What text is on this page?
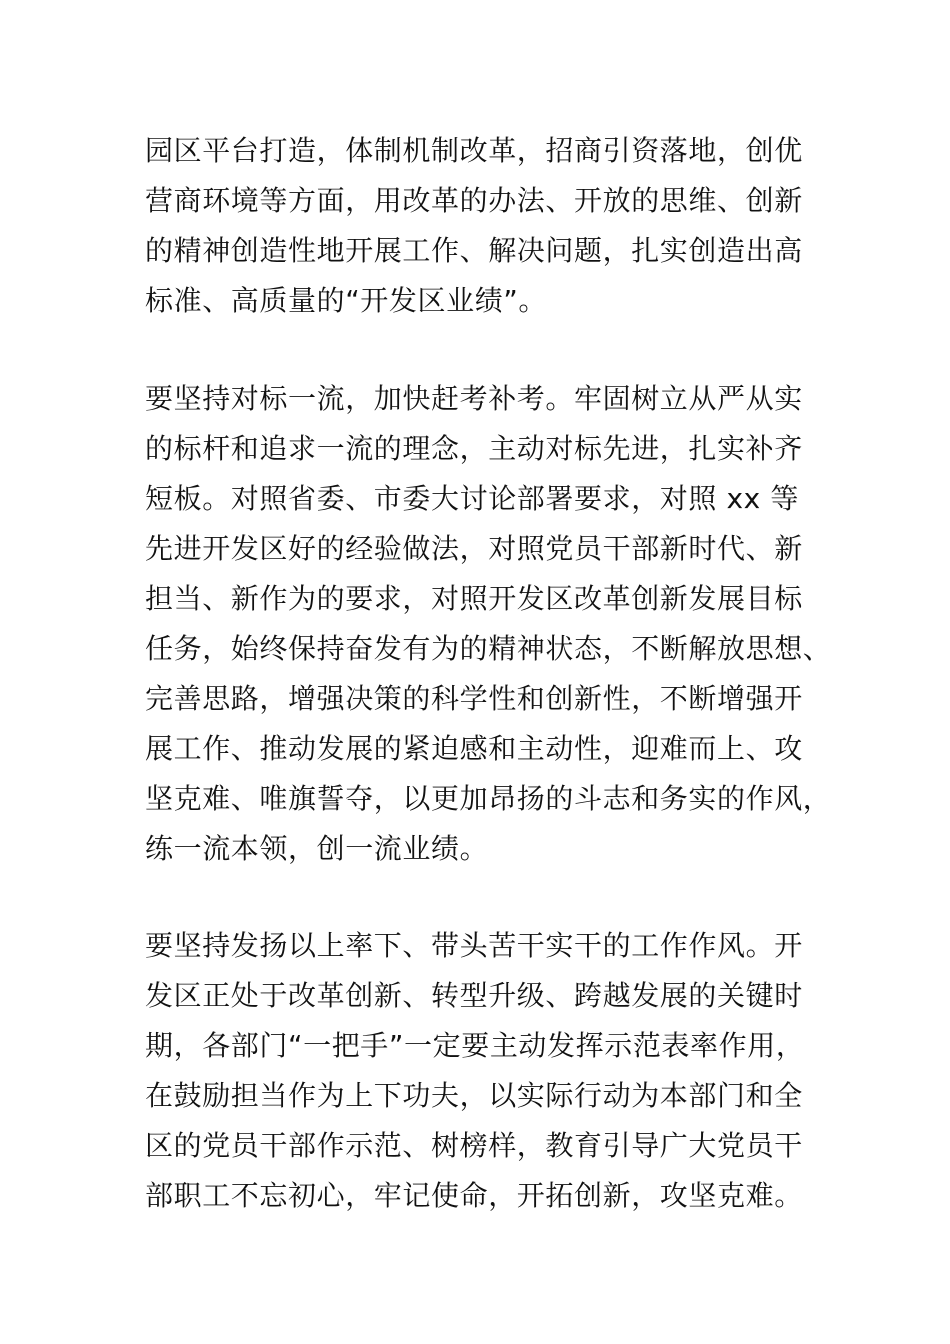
园区平台打造，体制机制改革，招商引资落地，创优
营商环境等方面，用改革的办法、开放的思维、创新
的精神创造性地开展工作、解决问题，扎实创造出高
标准、高质量的“开发区业绩”。
要坚持对标一流，加快赶考补考。牢固树立从严从实
的标杆和追求一流的理念，主动对标先进，扎实补齐
短板。对照省委、市委大讨论部署要求，对照 xx 等
先进开发区好的经验做法，对照党员干部新时代、新
担当、新作为的要求，对照开发区改革创新发展目标
任务，始终保持奋发有为的精神状态，不断解放思想、
完善思路，增强决策的科学性和创新性，不断增强开
展工作、推动发展的紧迫感和主动性，迎难而上、攻
坚克难、唯旗誓夺，以更加昂扬的斗志和务实的作风，
练一流本领，创一流业绩。
要坚持发扬以上率下、带头苦干实干的工作作风。开
发区正处于改革创新、转型升级、跨越发展的关键时
期，各部门“一把手”一定要主动发挥示范表率作用，
在鼓励担当作为上下功夫，以实际行动为本部门和全
区的党员干部作示范、树榜样，教育引导广大党员干
部职工不忘初心，牢记使命，开拓创新，攻坚克难。
